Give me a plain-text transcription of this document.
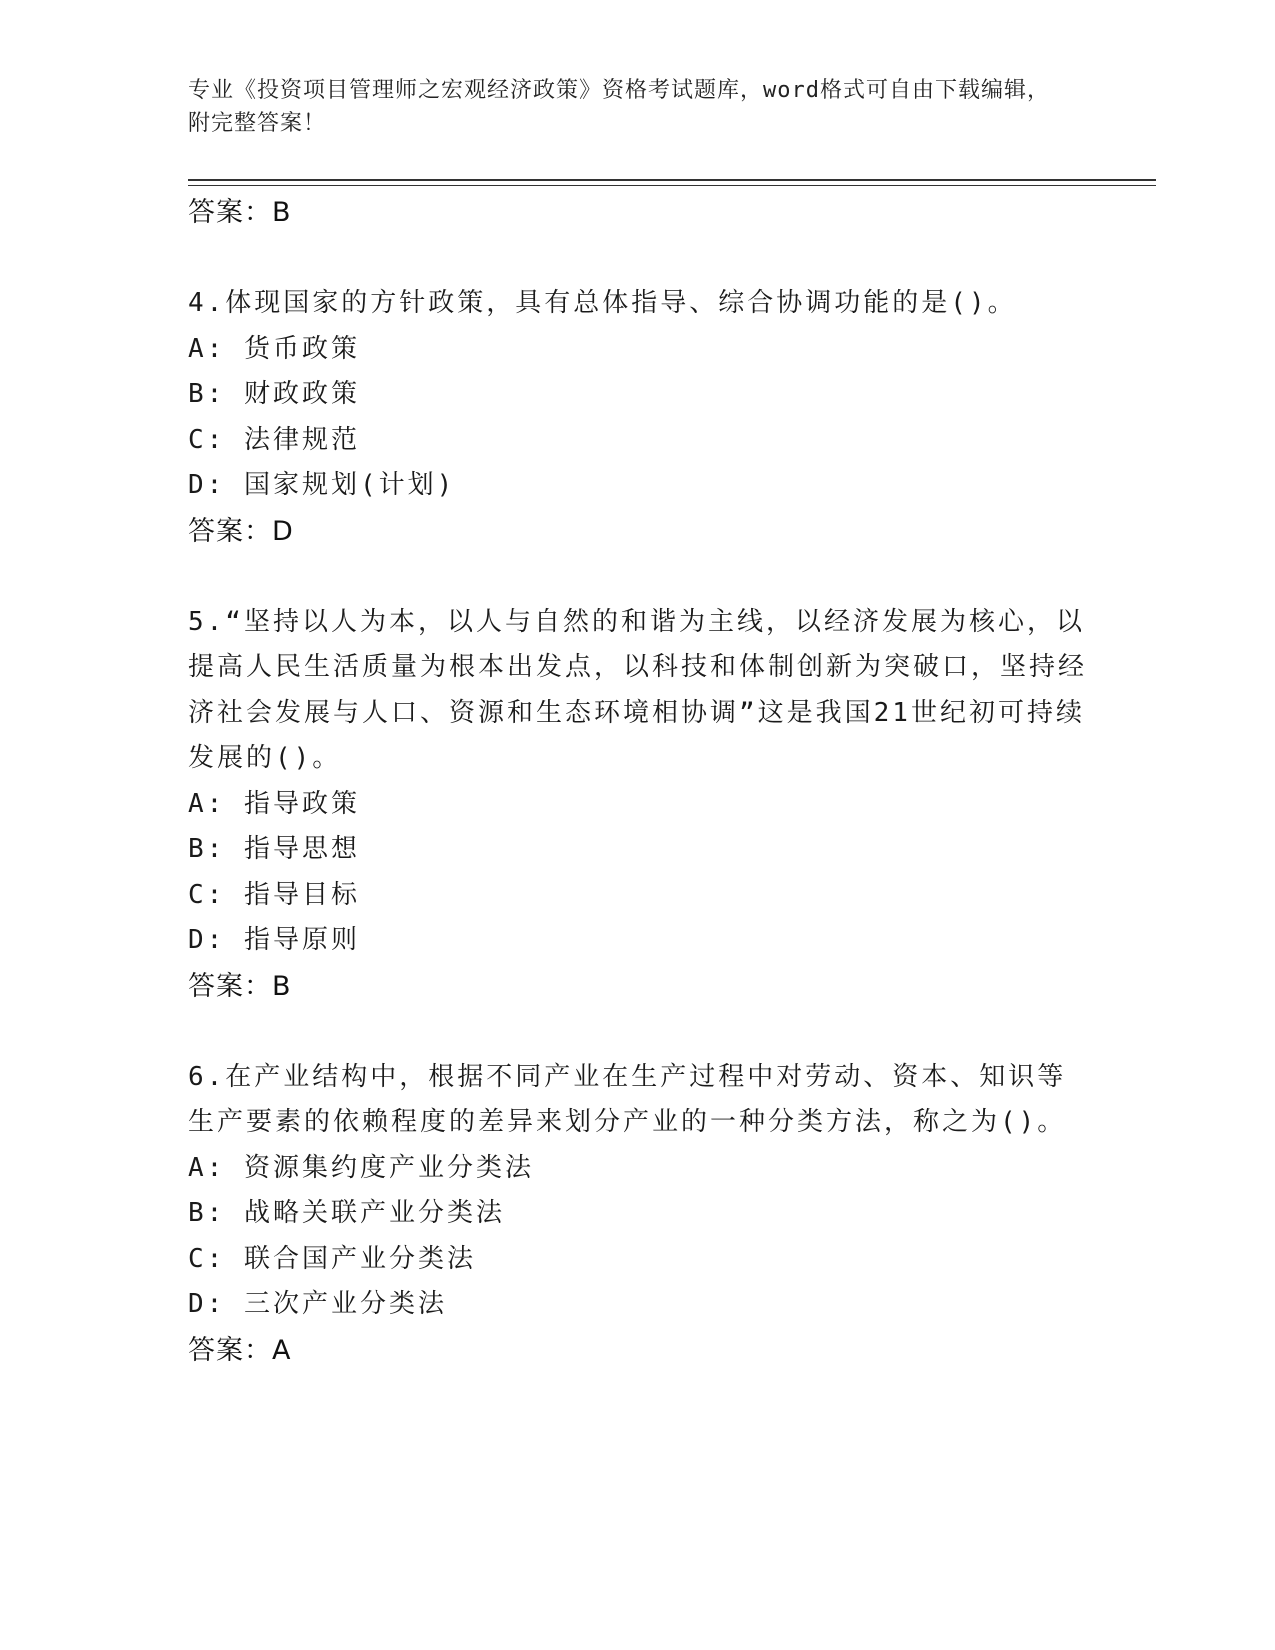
专业《投资项目管理师之宏观经济政策》资格考试题库，word格式可自由下载编辑，附完整答案！
答案：B
4.体现国家的方针政策，具有总体指导、综合协调功能的是()。
A: 货币政策
B: 财政政策
C: 法律规范
D: 国家规划(计划)
答案：D
5.“坚持以人为本，以人与自然的和谐为主线，以经济发展为核心，以提高人民生活质量为根本出发点，以科技和体制创新为突破口，坚持经济社会发展与人口、资源和生态环境相协调”这是我国21世纪初可持续发展的()。
A: 指导政策
B: 指导思想
C: 指导目标
D: 指导原则
答案：B
6.在产业结构中，根据不同产业在生产过程中对劳动、资本、知识等生产要素的依赖程度的差异来划分产业的一种分类方法，称之为()。
A: 资源集约度产业分类法
B: 战略关联产业分类法
C: 联合国产业分类法
D: 三次产业分类法
答案：A
